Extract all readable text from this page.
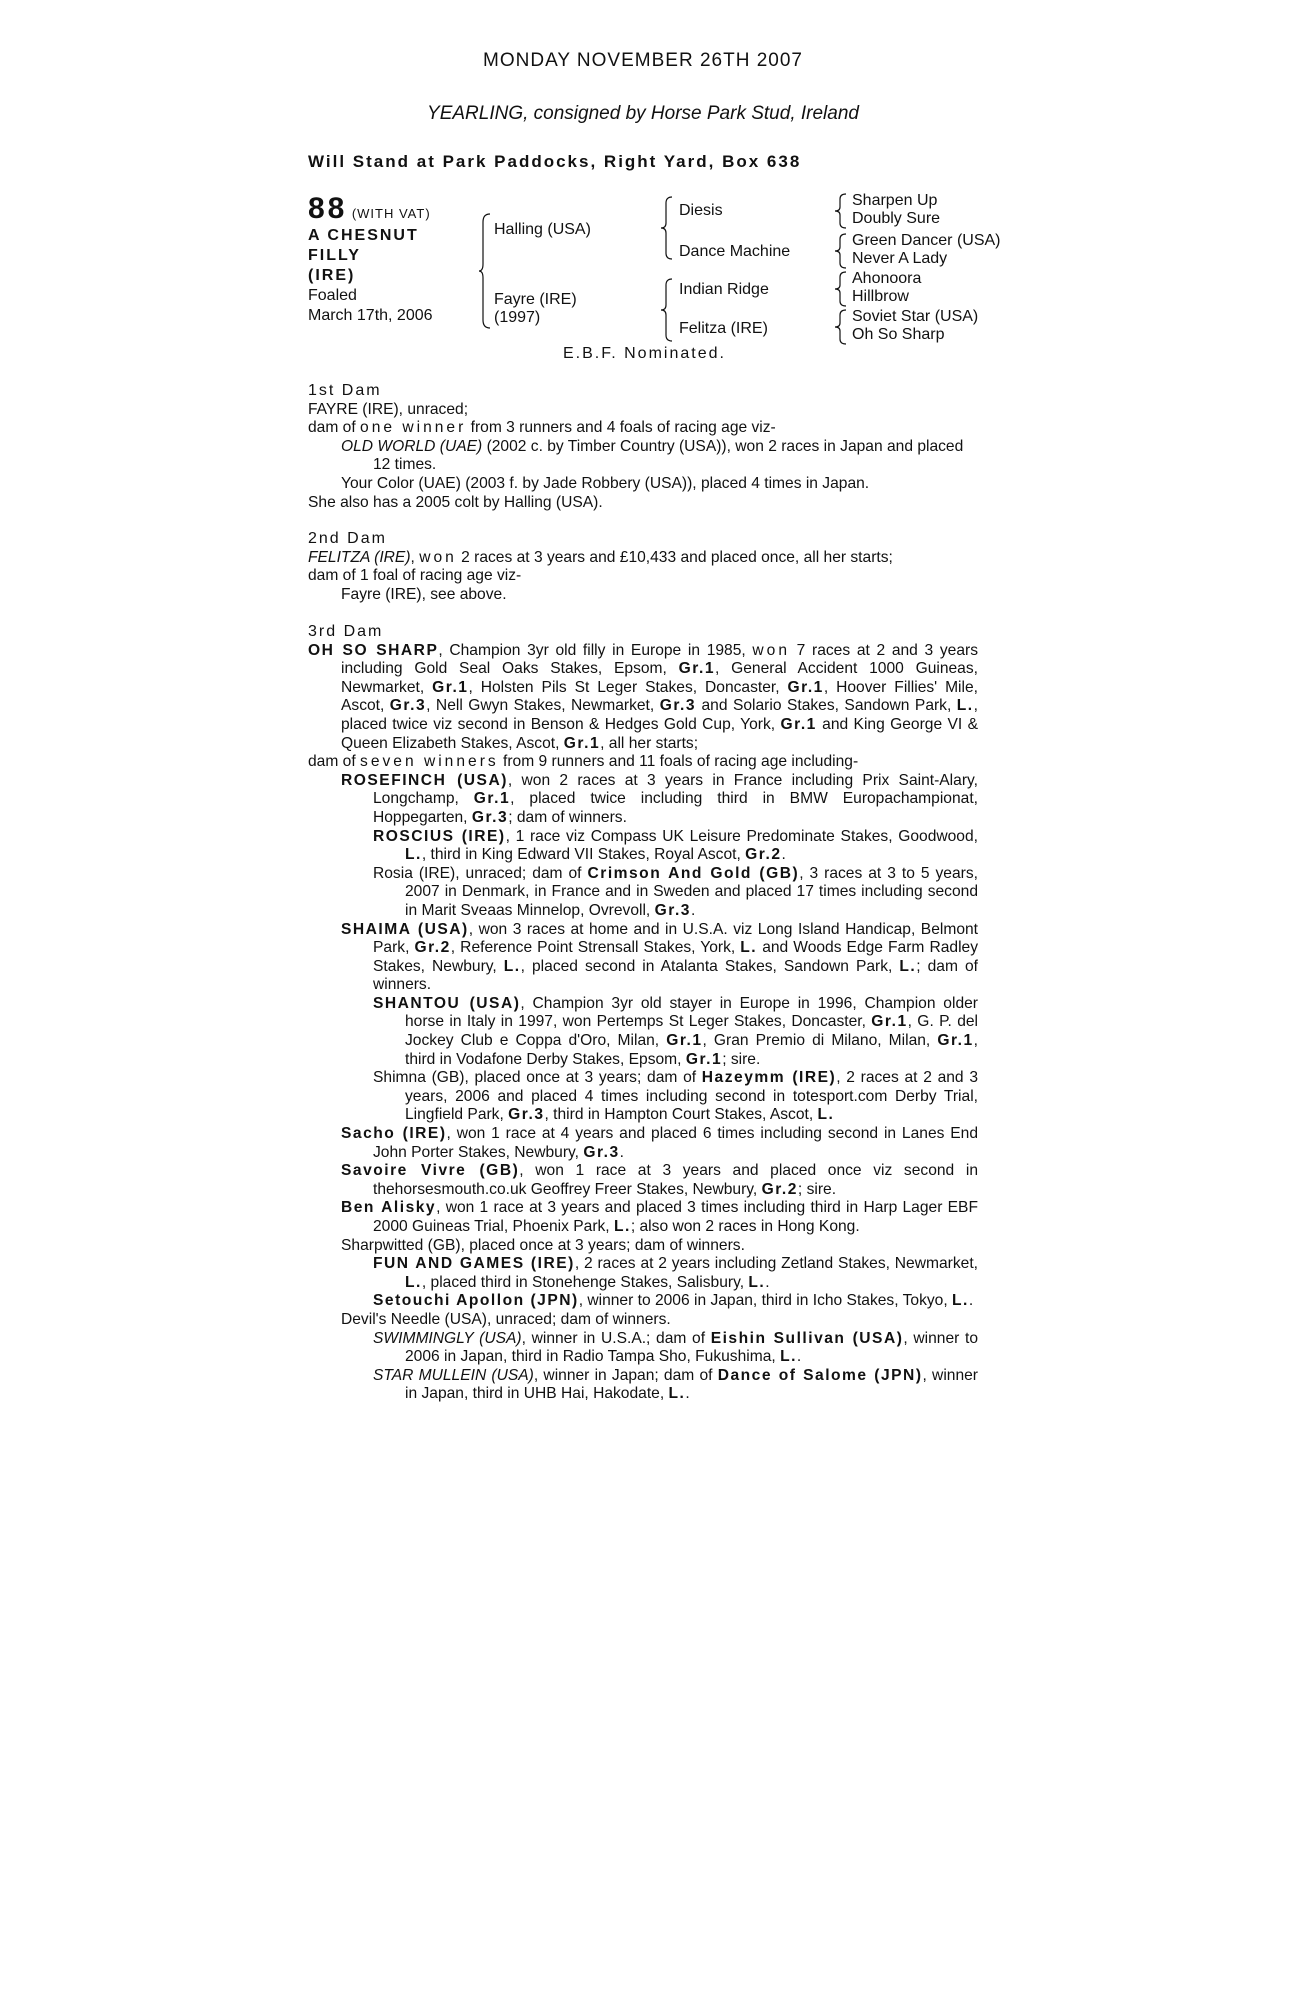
MONDAY NOVEMBER 26TH 2007
YEARLING, consigned by Horse Park Stud, Ireland
Will Stand at Park Paddocks, Right Yard, Box 638
88 (WITH VAT)
A CHESNUT FILLY
(IRE)
Foaled
March 17th, 2006
Halling (USA)
Fayre (IRE)
(1997)
Diesis
Dance Machine
Indian Ridge
Felitza (IRE)
Sharpen Up
Doubly Sure
Green Dancer (USA)
Never A Lady
Ahonoora
Hillbrow
Soviet Star (USA)
Oh So Sharp
E.B.F. Nominated.

1st Dam

FAYRE (IRE), unraced;

dam of one winner from 3 runners and 4 foals of racing age viz-

OLD WORLD (UAE) (2002 c. by Timber Country (USA)), won 2 races in Japan and placed 12 times.

Your Color (UAE) (2003 f. by Jade Robbery (USA)), placed 4 times in Japan.

She also has a 2005 colt by Halling (USA).

2nd Dam

FELITZA (IRE), won 2 races at 3 years and £10,433 and placed once, all her starts;

dam of 1 foal of racing age viz-

Fayre (IRE), see above.

3rd Dam

OH SO SHARP, Champion 3yr old filly in Europe in 1985, won 7 races at 2 and 3 years including Gold Seal Oaks Stakes, Epsom, Gr.1, General Accident 1000 Guineas, Newmarket, Gr.1, Holsten Pils St Leger Stakes, Doncaster, Gr.1, Hoover Fillies' Mile, Ascot, Gr.3, Nell Gwyn Stakes, Newmarket, Gr.3 and Solario Stakes, Sandown Park, L., placed twice viz second in Benson & Hedges Gold Cup, York, Gr.1 and King George VI & Queen Elizabeth Stakes, Ascot, Gr.1, all her starts;

dam of seven winners from 9 runners and 11 foals of racing age including-

ROSEFINCH (USA), won 2 races at 3 years in France including Prix Saint-Alary, Longchamp, Gr.1, placed twice including third in BMW Europachampionat, Hoppegarten, Gr.3; dam of winners.

ROSCIUS (IRE), 1 race viz Compass UK Leisure Predominate Stakes, Goodwood, L., third in King Edward VII Stakes, Royal Ascot, Gr.2.

Rosia (IRE), unraced; dam of Crimson And Gold (GB), 3 races at 3 to 5 years, 2007 in Denmark, in France and in Sweden and placed 17 times including second in Marit Sveaas Minnelop, Ovrevoll, Gr.3.

SHAIMA (USA), won 3 races at home and in U.S.A. viz Long Island Handicap, Belmont Park, Gr.2, Reference Point Strensall Stakes, York, L. and Woods Edge Farm Radley Stakes, Newbury, L., placed second in Atalanta Stakes, Sandown Park, L.; dam of winners.

SHANTOU (USA), Champion 3yr old stayer in Europe in 1996, Champion older horse in Italy in 1997, won Pertemps St Leger Stakes, Doncaster, Gr.1, G. P. del Jockey Club e Coppa d'Oro, Milan, Gr.1, Gran Premio di Milano, Milan, Gr.1, third in Vodafone Derby Stakes, Epsom, Gr.1; sire.

Shimna (GB), placed once at 3 years; dam of Hazeymm (IRE), 2 races at 2 and 3 years, 2006 and placed 4 times including second in totesport.com Derby Trial, Lingfield Park, Gr.3, third in Hampton Court Stakes, Ascot, L.

Sacho (IRE), won 1 race at 4 years and placed 6 times including second in Lanes End John Porter Stakes, Newbury, Gr.3.

Savoire Vivre (GB), won 1 race at 3 years and placed once viz second in thehorsesmouth.co.uk Geoffrey Freer Stakes, Newbury, Gr.2; sire.

Ben Alisky, won 1 race at 3 years and placed 3 times including third in Harp Lager EBF 2000 Guineas Trial, Phoenix Park, L.; also won 2 races in Hong Kong.

Sharpwitted (GB), placed once at 3 years; dam of winners.

FUN AND GAMES (IRE), 2 races at 2 years including Zetland Stakes, Newmarket, L., placed third in Stonehenge Stakes, Salisbury, L..

Setouchi Apollon (JPN), winner to 2006 in Japan, third in Icho Stakes, Tokyo, L..

Devil's Needle (USA), unraced; dam of winners.

SWIMMINGLY (USA), winner in U.S.A.; dam of Eishin Sullivan (USA), winner to 2006 in Japan, third in Radio Tampa Sho, Fukushima, L..

STAR MULLEIN (USA), winner in Japan; dam of Dance of Salome (JPN), winner in Japan, third in UHB Hai, Hakodate, L..
